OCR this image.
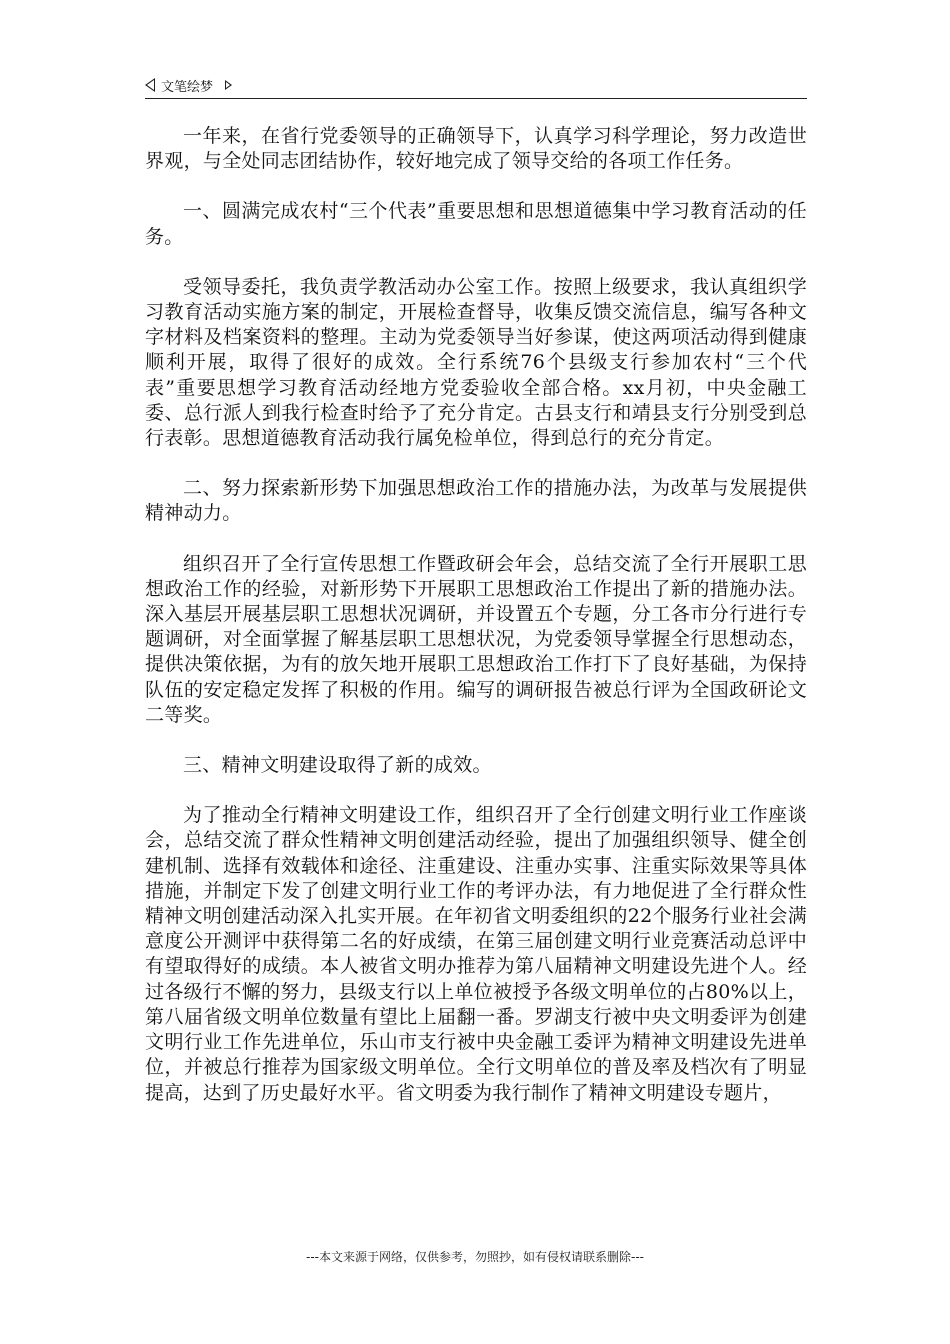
文笔绘梦

一年来，在省行党委领导的正确领导下，认真学习科学理论，努力改造世界观，与全处同志团结协作，较好地完成了领导交给的各项工作任务。

一、圆满完成农村“三个代表”重要思想和思想道德集中学习教育活动的任务。

受领导委托，我负责学教活动办公室工作。按照上级要求，我认真组织学习教育活动实施方案的制定，开展检查督导，收集反馈交流信息，编写各种文字材料及档案资料的整理。主动为党委领导当好参谋，使这两项活动得到健康顺利开展，取得了很好的成效。全行系统76个县级支行参加农村“三个代表”重要思想学习教育活动经地方党委验收全部合格。xx月初，中央金融工委、总行派人到我行检查时给予了充分肯定。古县支行和靖县支行分别受到总行表彰。思想道德教育活动我行属免检单位，得到总行的充分肯定。

二、努力探索新形势下加强思想政治工作的措施办法，为改革与发展提供精神动力。

组织召开了全行宣传思想工作暨政研会年会，总结交流了全行开展职工思想政治工作的经验，对新形势下开展职工思想政治工作提出了新的措施办法。深入基层开展基层职工思想状况调研，并设置五个专题，分工各市分行进行专题调研，对全面掌握了解基层职工思想状况，为党委领导掌握全行思想动态，提供决策依据，为有的放矢地开展职工思想政治工作打下了良好基础，为保持队伍的安定稳定发挥了积极的作用。编写的调研报告被总行评为全国政研论文二等奖。

三、精神文明建设取得了新的成效。

为了推动全行精神文明建设工作，组织召开了全行创建文明行业工作座谈会，总结交流了群众性精神文明创建活动经验，提出了加强组织领导、健全创建机制、选择有效载体和途径、注重建设、注重办实事、注重实际效果等具体措施，并制定下发了创建文明行业工作的考评办法，有力地促进了全行群众性精神文明创建活动深入扎实开展。在年初省文明委组织的22个服务行业社会满意度公开测评中获得第二名的好成绩，在第三届创建文明行业竞赛活动总评中有望取得好的成绩。本人被省文明办推荐为第八届精神文明建设先进个人。经过各级行不懈的努力，县级支行以上单位被授予各级文明单位的占80%以上，第八届省级文明单位数量有望比上届翻一番。罗湖支行被中央文明委评为创建文明行业工作先进单位，乐山市支行被中央金融工委评为精神文明建设先进单位，并被总行推荐为国家级文明单位。全行文明单位的普及率及档次有了明显提高，达到了历史最好水平。省文明委为我行制作了精神文明建设专题片，

---本文来源于网络，仅供参考，勿照抄，如有侵权请联系删除---
